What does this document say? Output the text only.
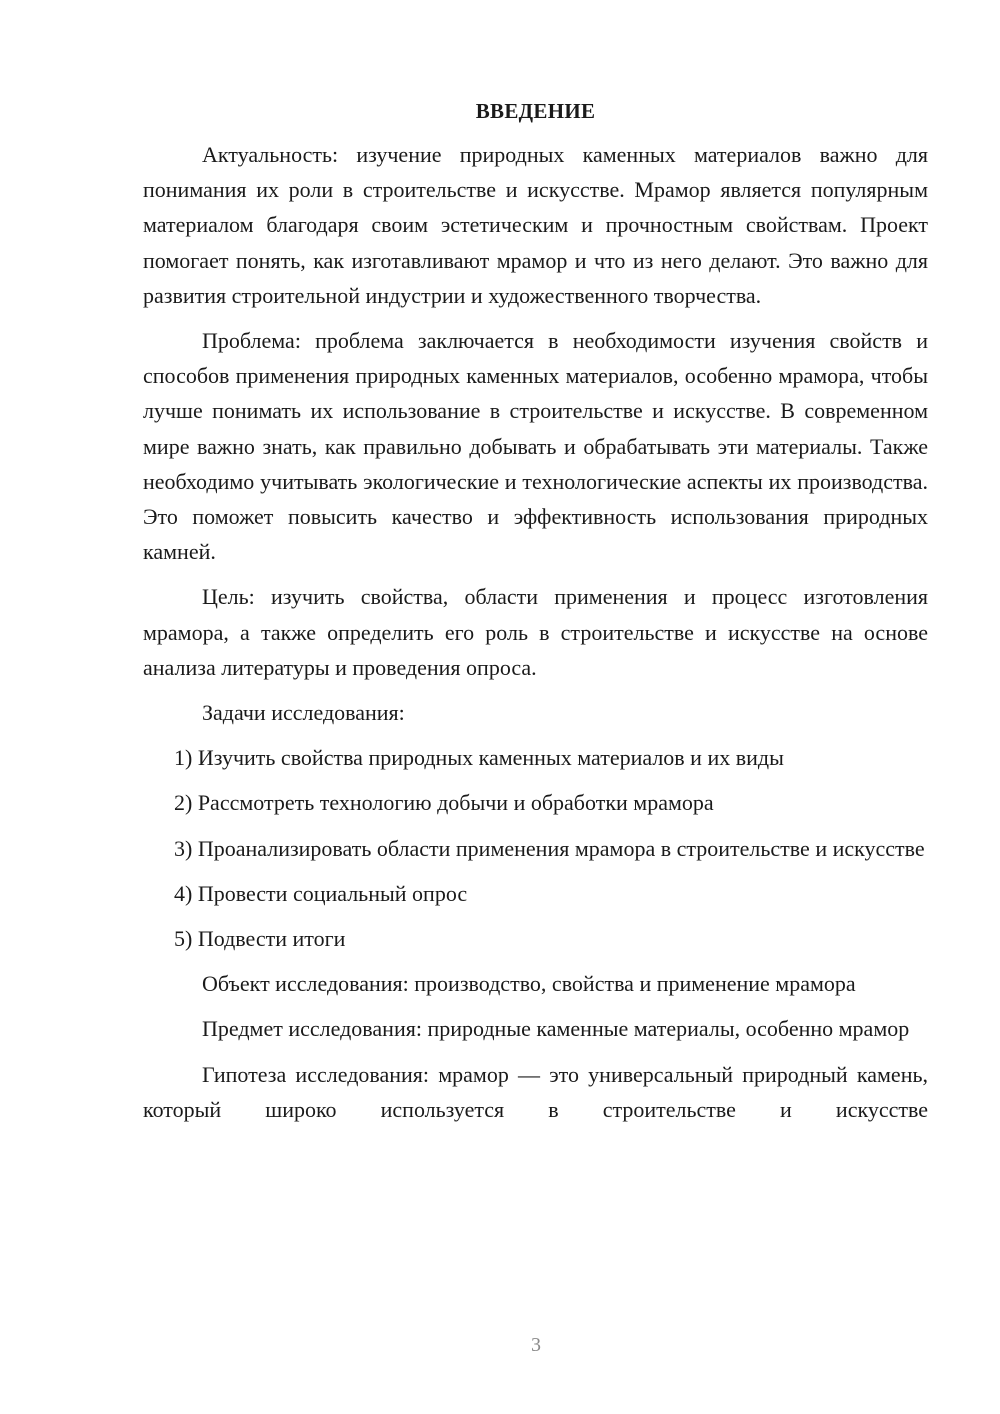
ВВЕДЕНИЕ

Актуальность: изучение природных каменных материалов важно для понимания их роли в строительстве и искусстве. Мрамор является популярным материалом благодаря своим эстетическим и прочностным свойствам. Проект помогает понять, как изготавливают мрамор и что из него делают. Это важно для развития строительной индустрии и художественного творчества.

Проблема: проблема заключается в необходимости изучения свойств и способов применения природных каменных материалов, особенно мрамора, чтобы лучше понимать их использование в строительстве и искусстве. В современном мире важно знать, как правильно добывать и обрабатывать эти материалы. Также необходимо учитывать экологические и технологические аспекты их производства. Это поможет повысить качество и эффективность использования природных камней.

Цель: изучить свойства, области применения и процесс изготовления мрамора, а также определить его роль в строительстве и искусстве на основе анализа литературы и проведения опроса.

Задачи исследования:

1) Изучить свойства природных каменных материалов и их виды

2) Рассмотреть технологию добычи и обработки мрамора

3) Проанализировать области применения мрамора в строительстве и искусстве

4) Провести социальный опрос

5) Подвести итоги

Объект исследования: производство, свойства и применение мрамора

Предмет исследования: природные каменные материалы, особенно мрамор

Гипотеза исследования: мрамор — это универсальный природный камень, который широко используется в строительстве и искусстве

3
